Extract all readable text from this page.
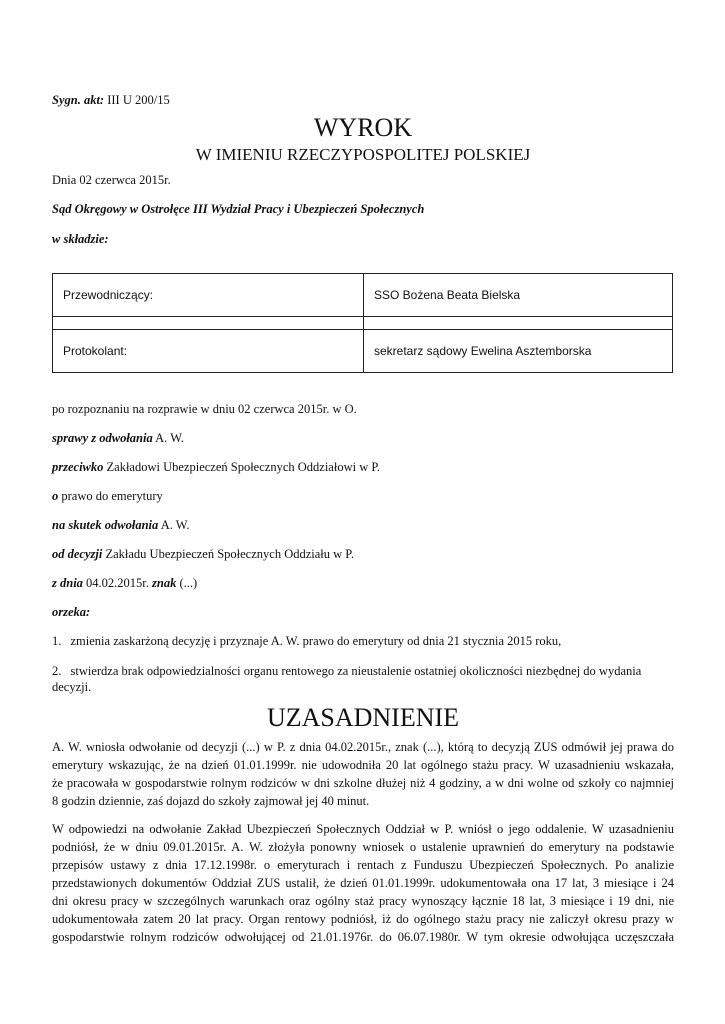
Sygn. akt: III U 200/15
WYROK
W IMIENIU RZECZYPOSPOLITEJ POLSKIEJ
Dnia 02 czerwca 2015r.
Sąd Okręgowy w Ostrołęce III Wydział Pracy i Ubezpieczeń Społecznych
w składzie:
Przewodniczący:	SSO Bożena Beata Bielska

Protokolant:	sekretarz sądowy Ewelina Asztemborska
po rozpoznaniu na rozprawie w dniu 02 czerwca 2015r. w O.
sprawy z odwołania A. W.
przeciwko Zakładowi Ubezpieczeń Społecznych Oddziałowi w P.
o prawo do emerytury
na skutek odwołania A. W.
od decyzji Zakładu Ubezpieczeń Społecznych Oddziału w P.
z dnia 04.02.2015r. znak (...)
orzeka:
1. zmienia zaskarżoną decyzję i przyznaje A. W. prawo do emerytury od dnia 21 stycznia 2015 roku,
2. stwierdza brak odpowiedzialności organu rentowego za nieustalenie ostatniej okoliczności niezbędnej do wydania
decyzji.
UZASADNIENIE
A. W. wniosła odwołanie od decyzji (...) w P. z dnia 04.02.2015r., znak (...), którą to decyzją ZUS odmówił jej prawa do
emerytury wskazując, że na dzień 01.01.1999r. nie udowodniła 20 lat ogólnego stażu pracy. W uzasadnieniu wskazała,
że pracowała w gospodarstwie rolnym rodziców w dni szkolne dłużej niż 4 godziny, a w dni wolne od szkoły co najmniej
8 godzin dziennie, zaś dojazd do szkoły zajmował jej 40 minut.
W odpowiedzi na odwołanie Zakład Ubezpieczeń Społecznych Oddział w P. wniósł o jego oddalenie. W uzasadnieniu
podniósł, że w dniu 09.01.2015r. A. W. złożyła ponowny wniosek o ustalenie uprawnień do emerytury na podstawie
przepisów ustawy z dnia 17.12.1998r. o emeryturach i rentach z Funduszu Ubezpieczeń Społecznych. Po analizie
przedstawionych dokumentów Oddział ZUS ustalił, że dzień 01.01.1999r. udokumentowała ona 17 lat, 3 miesiące i 24
dni okresu pracy w szczególnych warunkach oraz ogólny staż pracy wynoszący łącznie 18 lat, 3 miesiące i 19 dni, nie
udokumentowała zatem 20 lat pracy. Organ rentowy podniósł, iż do ogólnego stażu pracy nie zaliczył okresu prazy w
gospodarstwie rolnym rodziców odwołującej od 21.01.1976r. do 06.07.1980r. W tym okresie odwołująca uczęszczała
